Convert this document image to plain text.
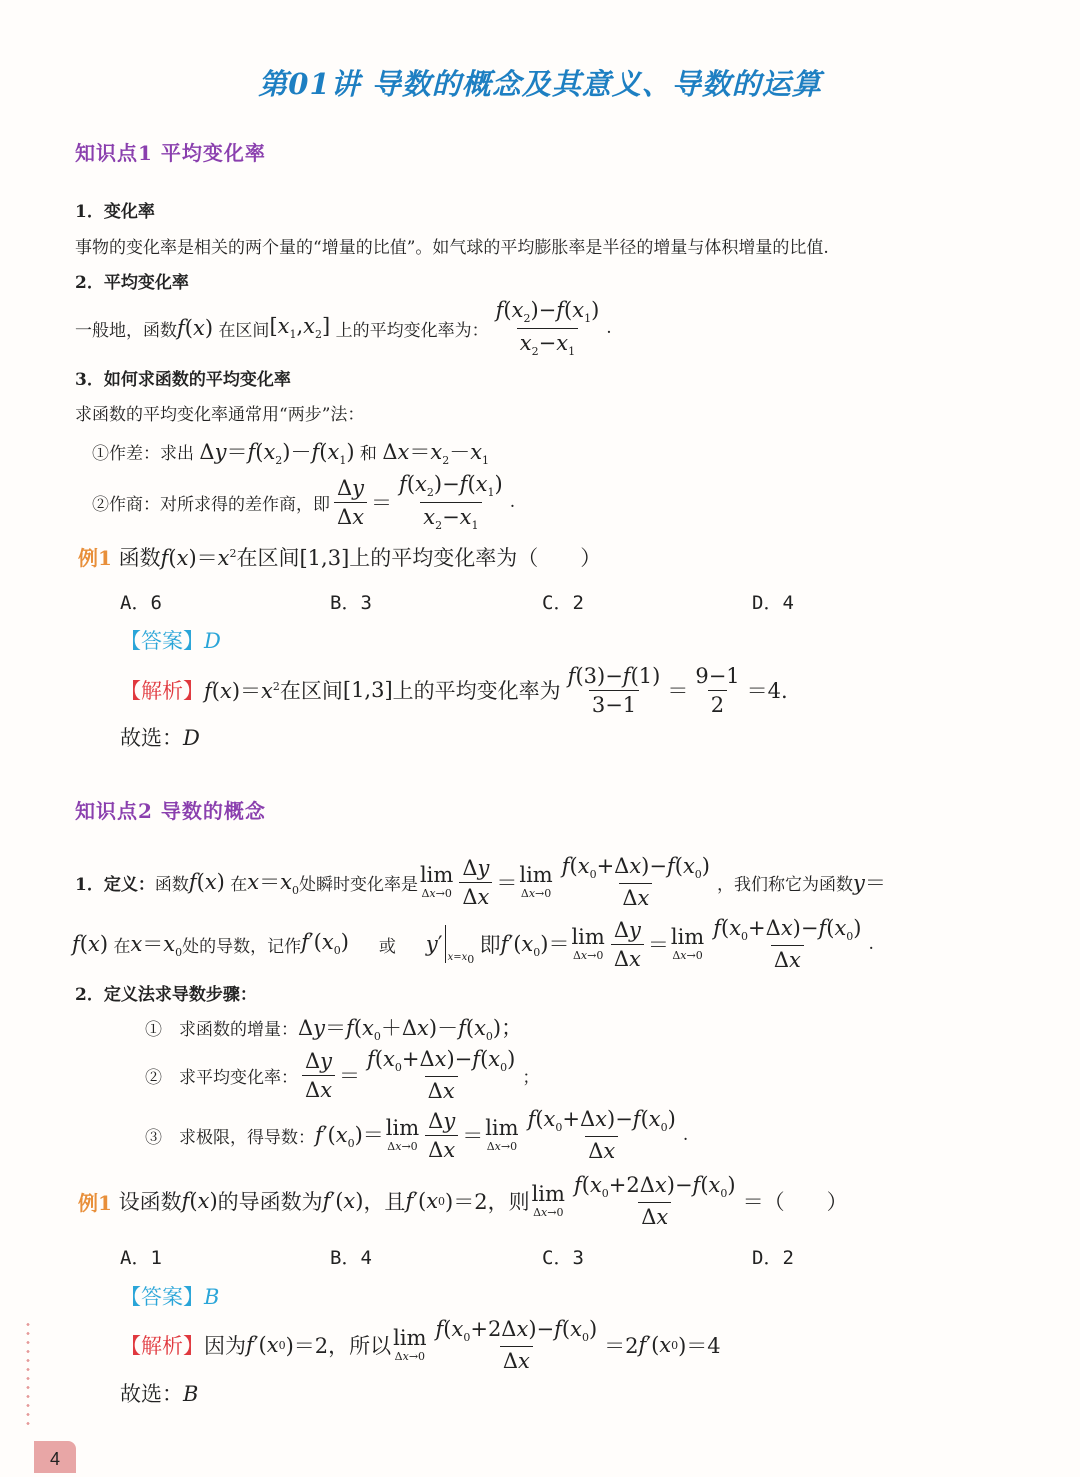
第01讲 导数的概念及其意义、导数的运算
知识点1 平均变化率
1．变化率
事物的变化率是相关的两个量的“增量的比值”。如气球的平均膨胀率是半径的增量与体积增量的比值.
2．平均变化率
一般地，函数 f(x)
在区间 $[x_1,x_2]$
上的平均变化率为： $\frac{f(x_2)-f(x_1)}{x_2-x_1}$ .
3．如何求函数的平均变化率
求函数的平均变化率通常用“两步”法：
①作差：求出 $\Delta y=f(x_2)-f(x_1)$ 和 $\Delta x=x_2-x_1$
②作商：对所求得的差作商，即 $\frac{\Delta y}{\Delta x} = \frac{f(x_2)-f(x_1)}{x_2-x_1}$ .
例1 函数$f(x)=x^2$在区间[1,3]上的平均变化率为（　　）
A．6	B．3	C．2	D．4
【答案】D
【解析】 $f(x)=x^2$ 在区间 [1,3] 上的平均变化率为 $\frac{f(3)-f(1)}{3-1} = \frac{9-1}{2} =4$.
故选：D
知识点2 导数的概念
1．定义： 函数 f(x)
在 $x=x_0$ 处瞬时变化率是 lim
$\Delta x\to 0 \frac{\Delta y}{\Delta x} = \lim$
$\Delta x\to 0 \frac{f(x_0+\Delta x)-f(x_0)}{\Delta x}$ ，我们称它为函数 y＝
f(x)
在 $x=x_0$ 处的导数，记作 $f'(x_0)$ 或 y′
$x=x_0$

即 $f'(x_0)= \lim$
$\Delta x\to 0 \frac{\Delta y}{\Delta x} = \lim$
$\Delta x\to 0 \frac{f(x_0+\Delta x)-f(x_0)}{\Delta x}$ .
2．定义法求导数步骤：
①　求函数的增量：$\Delta y=f(x_0+\Delta x)-f(x_0)$；
②　求平均变化率： $\frac{\Delta y}{\Delta x} = \frac{f(x_0+\Delta x)-f(x_0)}{\Delta x}$ ；
③　求极限，得导数： $f'(x_0)= \lim$
$\Delta x\to 0 \frac{\Delta y}{\Delta x} = \lim$
$\Delta x\to 0 \frac{f(x_0+\Delta x)-f(x_0)}{\Delta x}$ .
例1
设函数 f ( x ) 的导函数为 f ′( x ) ，且 f ′( x 0 )＝2 ，则 lim
$\Delta x\to 0 \frac{f(x_0+2\Delta x)-f(x_0)}{\Delta x}$ ＝（　　）
A．1	B．4	C．3	D．2
【答案】B
【解析】 因为 f ′( x 0 )＝2 ，所以 lim
$\Delta x\to 0 \frac{f(x_0+2\Delta x)-f(x_0)}{\Delta x} =2$ f ′( x 0 )＝4
故选：B
4
